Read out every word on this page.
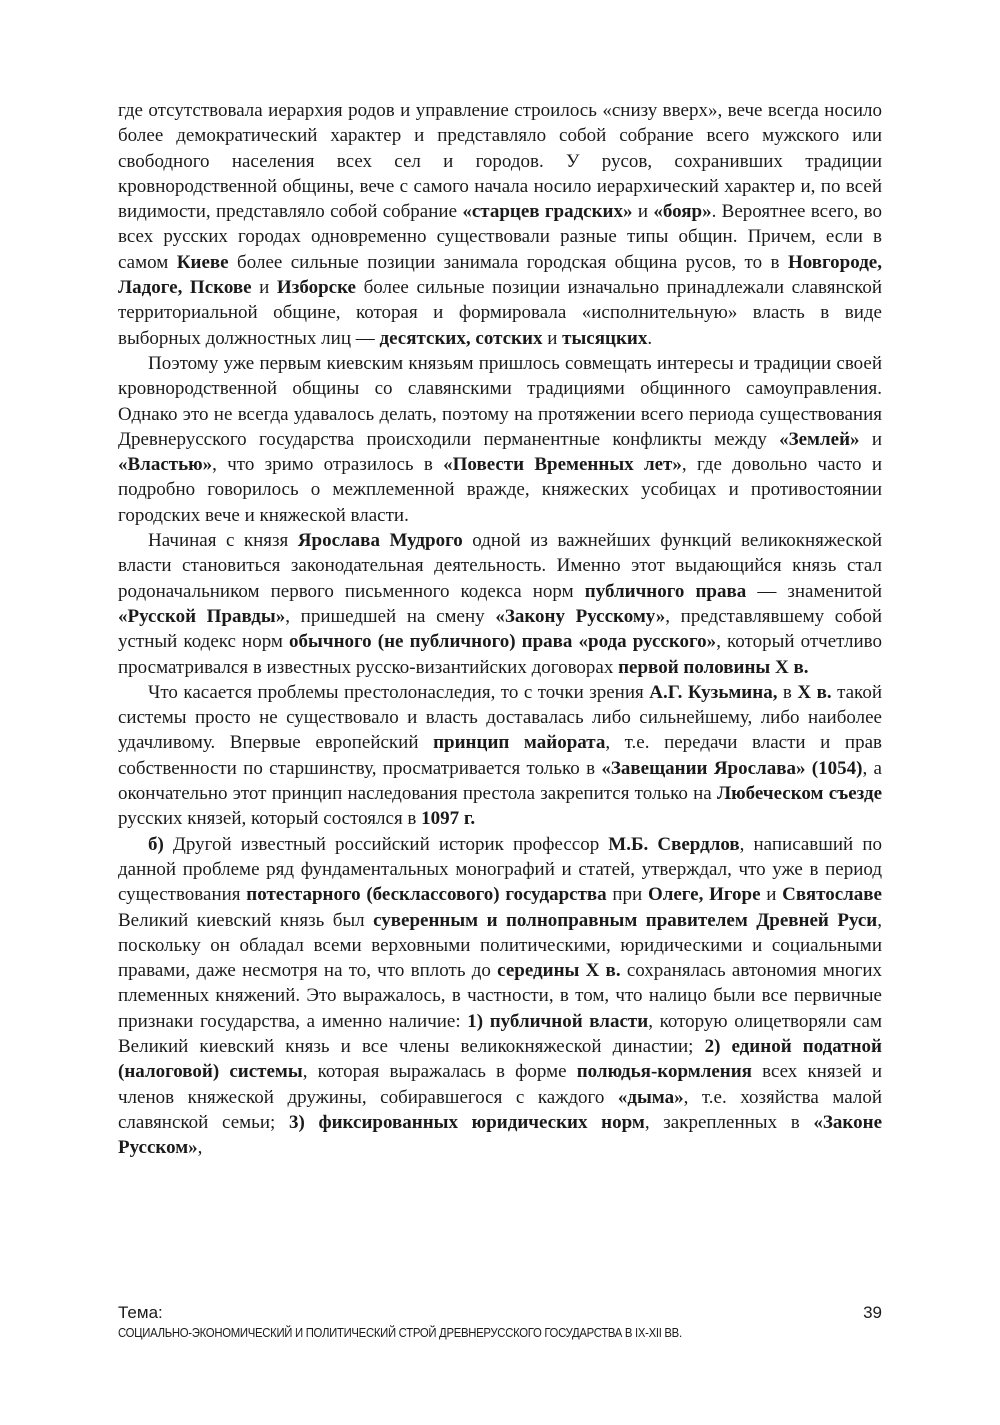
где отсутствовала иерархия родов и управление строилось «снизу вверх», вече всегда носило более демократический характер и представляло собой собрание всего мужского или свободного населения всех сел и городов. У русов, сохранивших традиции кровнородственной общины, вече с самого начала носило иерархический характер и, по всей видимости, представляло собой собрание «старцев градских» и «бояр». Вероятнее всего, во всех русских городах одновременно существовали разные типы общин. Причем, если в самом Киеве более сильные позиции занимала городская община русов, то в Новгороде, Ладоге, Пскове и Изборске более сильные позиции изначально принадлежали славянской территориальной общине, которая и формировала «исполнительную» власть в виде выборных должностных лиц — десятских, сотских и тысяцких.

Поэтому уже первым киевским князьям пришлось совмещать интересы и традиции своей кровнородственной общины со славянскими традициями общинного самоуправления. Однако это не всегда удавалось делать, поэтому на протяжении всего периода существования Древнерусского государства происходили перманентные конфликты между «Землей» и «Властью», что зримо отразилось в «Повести Временных лет», где довольно часто и подробно говорилось о межплеменной вражде, княжеских усобицах и противостоянии городских вече и княжеской власти.

Начиная с князя Ярослава Мудрого одной из важнейших функций великокняжеской власти становиться законодательная деятельность. Именно этот выдающийся князь стал родоначальником первого письменного кодекса норм публичного права — знаменитой «Русской Правды», пришедшей на смену «Закону Русскому», представлявшему собой устный кодекс норм обычного (не публичного) права «рода русского», который отчетливо просматривался в известных русско-византийских договорах первой половины X в.

Что касается проблемы престолонаследия, то с точки зрения А.Г. Кузьмина, в X в. такой системы просто не существовало и власть доставалась либо сильнейшему, либо наиболее удачливому. Впервые европейский принцип майората, т.е. передачи власти и прав собственности по старшинству, просматривается только в «Завещании Ярослава» (1054), а окончательно этот принцип наследования престола закрепится только на Любеческом съезде русских князей, который состоялся в 1097 г.

б) Другой известный российский историк профессор М.Б. Свердлов, написавший по данной проблеме ряд фундаментальных монографий и статей, утверждал, что уже в период существования потестарного (бесклассового) государства при Олеге, Игоре и Святославе Великий киевский князь был суверенным и полноправным правителем Древней Руси, поскольку он обладал всеми верховными политическими, юридическими и социальными правами, даже несмотря на то, что вплоть до середины X в. сохранялась автономия многих племенных княжений. Это выражалось, в частности, в том, что налицо были все первичные признаки государства, а именно наличие: 1) публичной власти, которую олицетворяли сам Великий киевский князь и все члены великокняжеской династии; 2) единой податной (налоговой) системы, которая выражалась в форме полюдья-кормления всех князей и членов княжеской дружины, собиравшегося с каждого «дыма», т.е. хозяйства малой славянской семьи; 3) фиксированных юридических норм, закрепленных в «Законе Русском»,

Тема:	39
СОЦИАЛЬНО-ЭКОНОМИЧЕСКИЙ И ПОЛИТИЧЕСКИЙ СТРОЙ ДРЕВНЕРУССКОГО ГОСУДАРСТВА В IX-XII ВВ.
